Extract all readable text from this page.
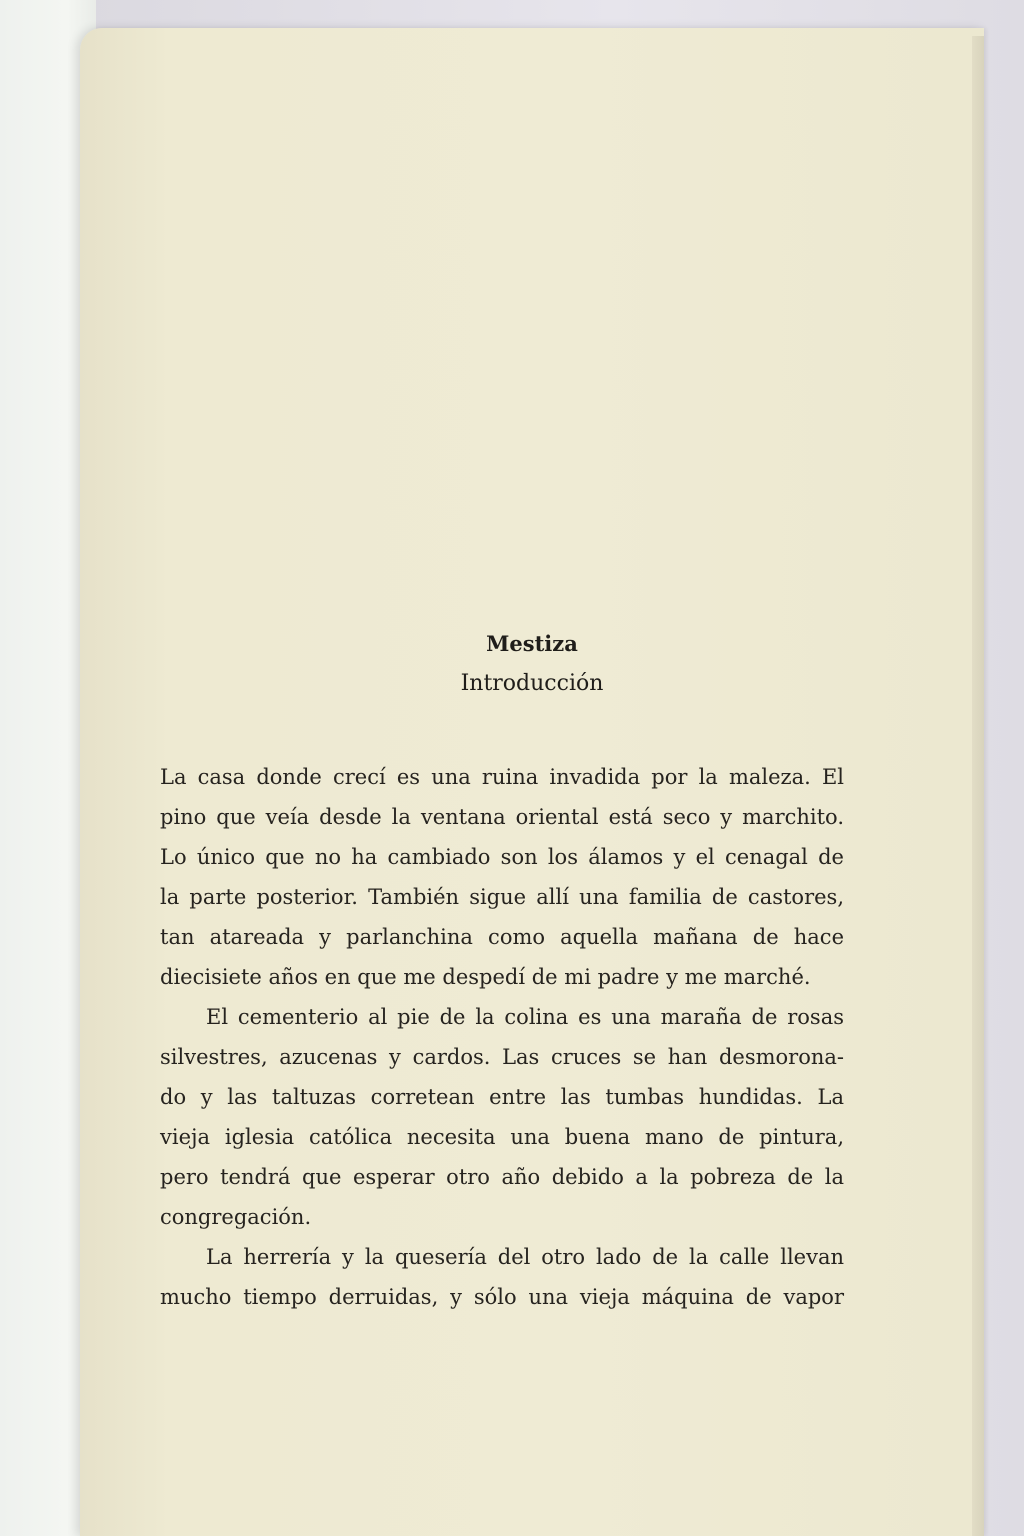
Mestiza

Introducción

La casa donde crecí es una ruina invadida por la maleza. El
pino que veía desde la ventana oriental está seco y marchito.
Lo único que no ha cambiado son los álamos y el cenagal de
la parte posterior. También sigue allí una familia de castores,
tan atareada y parlanchina como aquella mañana de hace
diecisiete años en que me despedí de mi padre y me marché.
El cementerio al pie de la colina es una maraña de rosas
silvestres, azucenas y cardos. Las cruces se han desmorona-
do y las taltuzas corretean entre las tumbas hundidas. La
vieja iglesia católica necesita una buena mano de pintura,
pero tendrá que esperar otro año debido a la pobreza de la
congregación.
La herrería y la quesería del otro lado de la calle llevan
mucho tiempo derruidas, y sólo una vieja máquina de vapor
